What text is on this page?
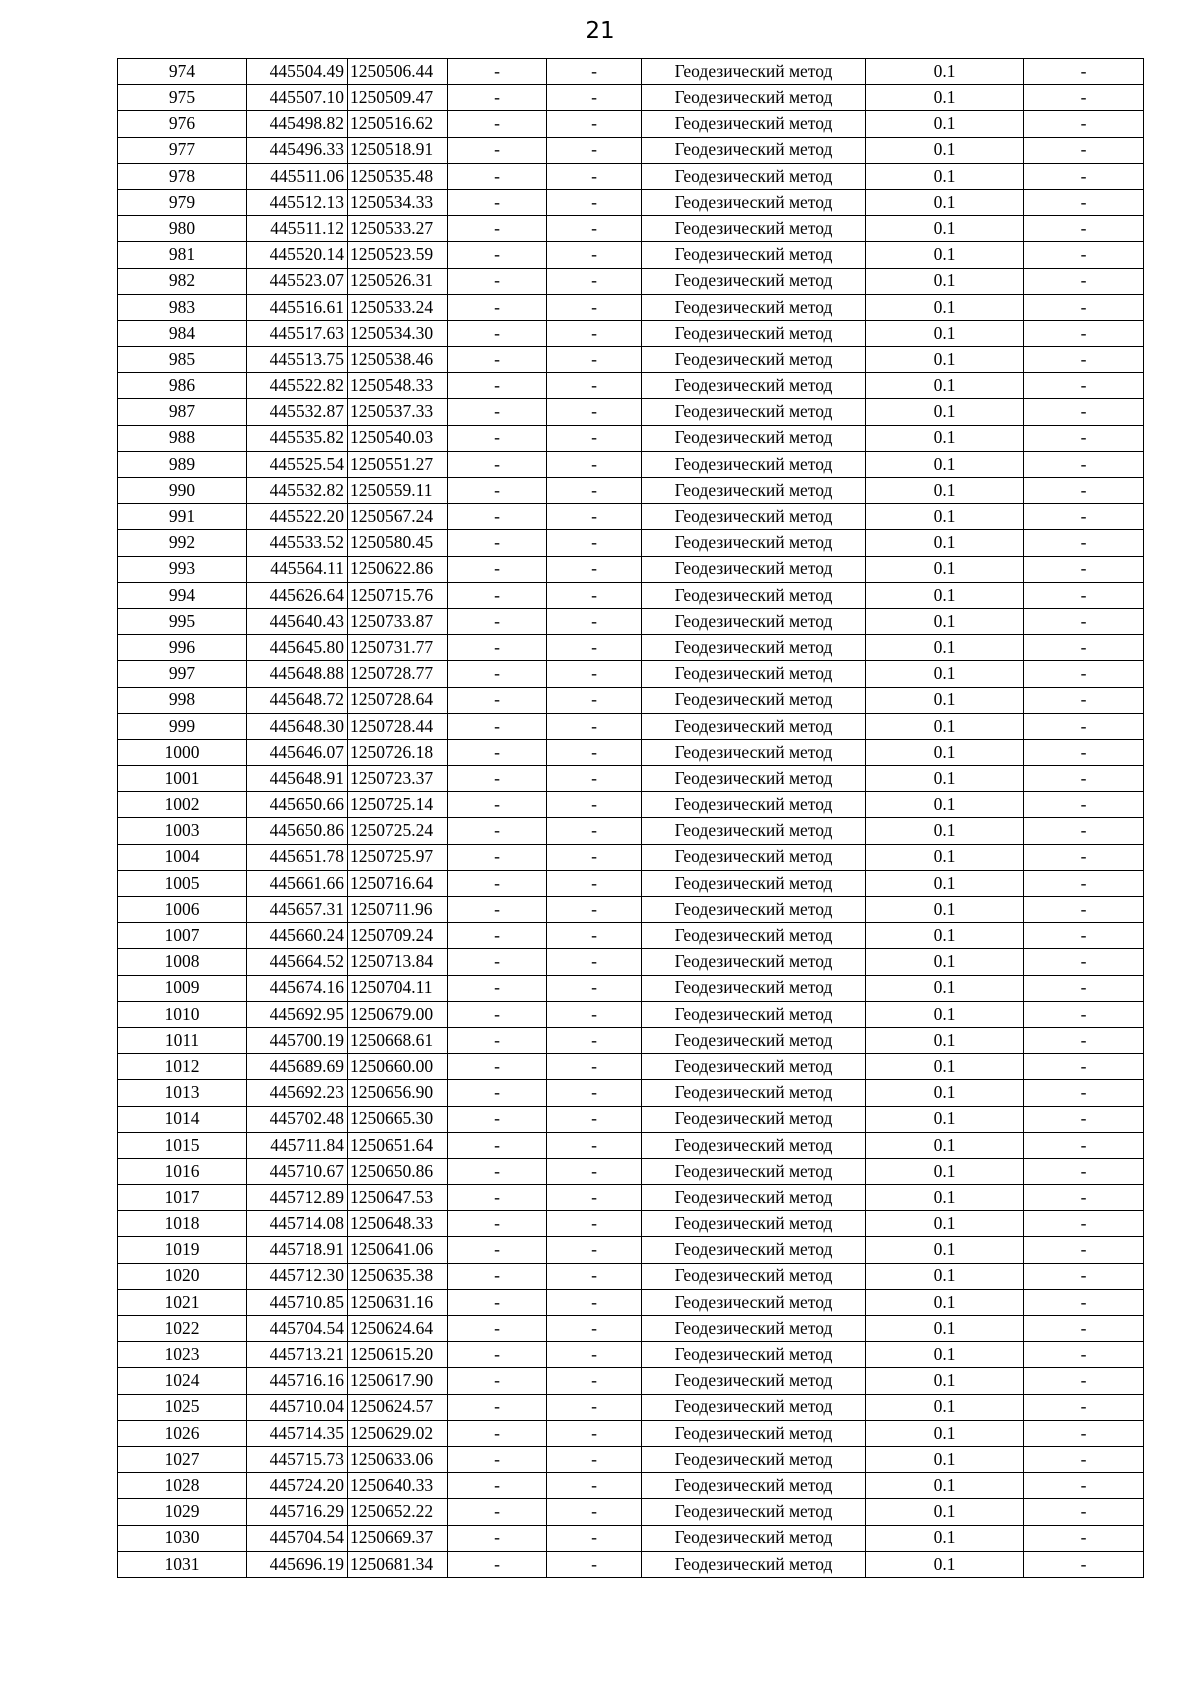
21
974	445504.49	1250506.44	-	-	Геодезический метод	0.1	-
975	445507.10	1250509.47	-	-	Геодезический метод	0.1	-
976	445498.82	1250516.62	-	-	Геодезический метод	0.1	-
977	445496.33	1250518.91	-	-	Геодезический метод	0.1	-
978	445511.06	1250535.48	-	-	Геодезический метод	0.1	-
979	445512.13	1250534.33	-	-	Геодезический метод	0.1	-
980	445511.12	1250533.27	-	-	Геодезический метод	0.1	-
981	445520.14	1250523.59	-	-	Геодезический метод	0.1	-
982	445523.07	1250526.31	-	-	Геодезический метод	0.1	-
983	445516.61	1250533.24	-	-	Геодезический метод	0.1	-
984	445517.63	1250534.30	-	-	Геодезический метод	0.1	-
985	445513.75	1250538.46	-	-	Геодезический метод	0.1	-
986	445522.82	1250548.33	-	-	Геодезический метод	0.1	-
987	445532.87	1250537.33	-	-	Геодезический метод	0.1	-
988	445535.82	1250540.03	-	-	Геодезический метод	0.1	-
989	445525.54	1250551.27	-	-	Геодезический метод	0.1	-
990	445532.82	1250559.11	-	-	Геодезический метод	0.1	-
991	445522.20	1250567.24	-	-	Геодезический метод	0.1	-
992	445533.52	1250580.45	-	-	Геодезический метод	0.1	-
993	445564.11	1250622.86	-	-	Геодезический метод	0.1	-
994	445626.64	1250715.76	-	-	Геодезический метод	0.1	-
995	445640.43	1250733.87	-	-	Геодезический метод	0.1	-
996	445645.80	1250731.77	-	-	Геодезический метод	0.1	-
997	445648.88	1250728.77	-	-	Геодезический метод	0.1	-
998	445648.72	1250728.64	-	-	Геодезический метод	0.1	-
999	445648.30	1250728.44	-	-	Геодезический метод	0.1	-
1000	445646.07	1250726.18	-	-	Геодезический метод	0.1	-
1001	445648.91	1250723.37	-	-	Геодезический метод	0.1	-
1002	445650.66	1250725.14	-	-	Геодезический метод	0.1	-
1003	445650.86	1250725.24	-	-	Геодезический метод	0.1	-
1004	445651.78	1250725.97	-	-	Геодезический метод	0.1	-
1005	445661.66	1250716.64	-	-	Геодезический метод	0.1	-
1006	445657.31	1250711.96	-	-	Геодезический метод	0.1	-
1007	445660.24	1250709.24	-	-	Геодезический метод	0.1	-
1008	445664.52	1250713.84	-	-	Геодезический метод	0.1	-
1009	445674.16	1250704.11	-	-	Геодезический метод	0.1	-
1010	445692.95	1250679.00	-	-	Геодезический метод	0.1	-
1011	445700.19	1250668.61	-	-	Геодезический метод	0.1	-
1012	445689.69	1250660.00	-	-	Геодезический метод	0.1	-
1013	445692.23	1250656.90	-	-	Геодезический метод	0.1	-
1014	445702.48	1250665.30	-	-	Геодезический метод	0.1	-
1015	445711.84	1250651.64	-	-	Геодезический метод	0.1	-
1016	445710.67	1250650.86	-	-	Геодезический метод	0.1	-
1017	445712.89	1250647.53	-	-	Геодезический метод	0.1	-
1018	445714.08	1250648.33	-	-	Геодезический метод	0.1	-
1019	445718.91	1250641.06	-	-	Геодезический метод	0.1	-
1020	445712.30	1250635.38	-	-	Геодезический метод	0.1	-
1021	445710.85	1250631.16	-	-	Геодезический метод	0.1	-
1022	445704.54	1250624.64	-	-	Геодезический метод	0.1	-
1023	445713.21	1250615.20	-	-	Геодезический метод	0.1	-
1024	445716.16	1250617.90	-	-	Геодезический метод	0.1	-
1025	445710.04	1250624.57	-	-	Геодезический метод	0.1	-
1026	445714.35	1250629.02	-	-	Геодезический метод	0.1	-
1027	445715.73	1250633.06	-	-	Геодезический метод	0.1	-
1028	445724.20	1250640.33	-	-	Геодезический метод	0.1	-
1029	445716.29	1250652.22	-	-	Геодезический метод	0.1	-
1030	445704.54	1250669.37	-	-	Геодезический метод	0.1	-
1031	445696.19	1250681.34	-	-	Геодезический метод	0.1	-
